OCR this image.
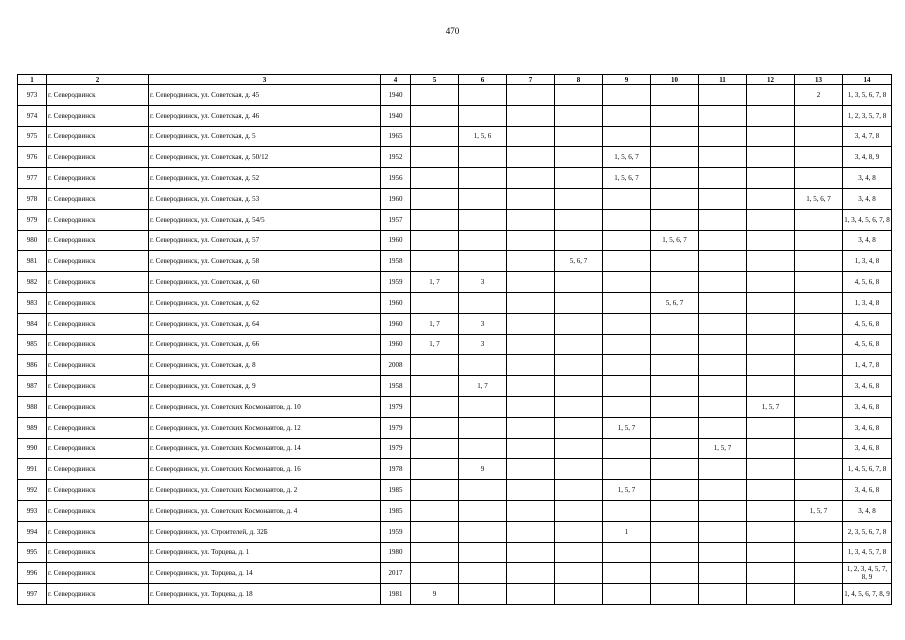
470
1	2	3	4	5	6	7	8	9	10	11	12	13	14
973	г. Северодвинск	г. Северодвинск, ул. Советская, д. 45	1940									2	1, 3, 5, 6, 7, 8
974	г. Северодвинск	г. Северодвинск, ул. Советская, д. 46	1940										1, 2, 3, 5, 7, 8
975	г. Северодвинск	г. Северодвинск, ул. Советская, д. 5	1965		1, 5, 6								3, 4, 7, 8
976	г. Северодвинск	г. Северодвинск, ул. Советская, д. 50/12	1952					1, 5, 6, 7					3, 4, 8, 9
977	г. Северодвинск	г. Северодвинск, ул. Советская, д. 52	1956					1, 5, 6, 7					3, 4, 8
978	г. Северодвинск	г. Северодвинск, ул. Советская, д. 53	1960									1, 5, 6, 7	3, 4, 8
979	г. Северодвинск	г. Северодвинск, ул. Советская, д. 54/5	1957										1, 3, 4, 5, 6, 7, 8
980	г. Северодвинск	г. Северодвинск, ул. Советская, д. 57	1960						1, 5, 6, 7				3, 4, 8
981	г. Северодвинск	г. Северодвинск, ул. Советская, д. 58	1958				5, 6, 7						1, 3, 4, 8
982	г. Северодвинск	г. Северодвинск, ул. Советская, д. 60	1959	1, 7	3								4, 5, 6, 8
983	г. Северодвинск	г. Северодвинск, ул. Советская, д. 62	1960						5, 6, 7				1, 3, 4, 8
984	г. Северодвинск	г. Северодвинск, ул. Советская, д. 64	1960	1, 7	3								4, 5, 6, 8
985	г. Северодвинск	г. Северодвинск, ул. Советская, д. 66	1960	1, 7	3								4, 5, 6, 8
986	г. Северодвинск	г. Северодвинск, ул. Советская, д. 8	2008										1, 4, 7, 8
987	г. Северодвинск	г. Северодвинск, ул. Советская, д. 9	1958		1, 7								3, 4, 6, 8
988	г. Северодвинск	г. Северодвинск, ул. Советских Космонавтов, д. 10	1979								1, 5, 7		3, 4, 6, 8
989	г. Северодвинск	г. Северодвинск, ул. Советских Космонавтов, д. 12	1979					1, 5, 7					3, 4, 6, 8
990	г. Северодвинск	г. Северодвинск, ул. Советских Космонавтов, д. 14	1979							1, 5, 7			3, 4, 6, 8
991	г. Северодвинск	г. Северодвинск, ул. Советских Космонавтов, д. 16	1978		9								1, 4, 5, 6, 7, 8
992	г. Северодвинск	г. Северодвинск, ул. Советских Космонавтов, д. 2	1985					1, 5, 7					3, 4, 6, 8
993	г. Северодвинск	г. Северодвинск, ул. Советских Космонавтов, д. 4	1985									1, 5, 7	3, 4, 8
994	г. Северодвинск	г. Северодвинск, ул. Строителей, д. 32Б	1959					1					2, 3, 5, 6, 7, 8
995	г. Северодвинск	г. Северодвинск, ул. Торцева, д. 1	1980										1, 3, 4, 5, 7, 8
996	г. Северодвинск	г. Северодвинск, ул. Торцева, д. 14	2017										1, 2, 3, 4, 5, 7, 8, 9
997	г. Северодвинск	г. Северодвинск, ул. Торцева, д. 18	1981	9									1, 4, 5, 6, 7, 8, 9
